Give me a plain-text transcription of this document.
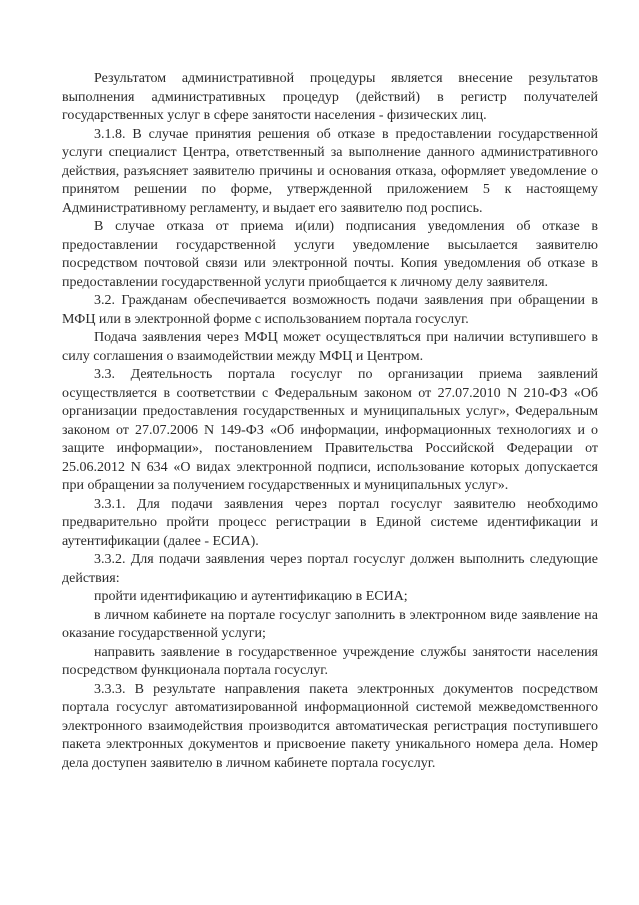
Результатом административной процедуры является внесение результатов выполнения административных процедур (действий) в регистр получателей государственных услуг в сфере занятости населения - физических лиц.

3.1.8. В случае принятия решения об отказе в предоставлении государственной услуги специалист Центра, ответственный за выполнение данного административного действия, разъясняет заявителю причины и основания отказа, оформляет уведомление о принятом решении по форме, утвержденной приложением 5 к настоящему Административному регламенту, и выдает его заявителю под роспись.

В случае отказа от приема и(или) подписания уведомления об отказе в предоставлении государственной услуги уведомление высылается заявителю посредством почтовой связи или электронной почты. Копия уведомления об отказе в предоставлении государственной услуги приобщается к личному делу заявителя.

3.2. Гражданам обеспечивается возможность подачи заявления при обращении в МФЦ или в электронной форме с использованием портала госуслуг.

Подача заявления через МФЦ может осуществляться при наличии вступившего в силу соглашения о взаимодействии между МФЦ и Центром.

3.3. Деятельность портала госуслуг по организации приема заявлений осуществляется в соответствии с Федеральным законом от 27.07.2010 N 210-ФЗ «Об организации предоставления государственных и муниципальных услуг», Федеральным законом от 27.07.2006 N 149-ФЗ «Об информации, информационных технологиях и о защите информации», постановлением Правительства Российской Федерации от 25.06.2012 N 634 «О видах электронной подписи, использование которых допускается при обращении за получением государственных и муниципальных услуг».

3.3.1. Для подачи заявления через портал госуслуг заявителю необходимо предварительно пройти процесс регистрации в Единой системе идентификации и аутентификации (далее - ЕСИА).

3.3.2. Для подачи заявления через портал госуслуг должен выполнить следующие действия:

пройти идентификацию и аутентификацию в ЕСИА;

в личном кабинете на портале госуслуг заполнить в электронном виде заявление на оказание государственной услуги;

направить заявление в государственное учреждение службы занятости населения посредством функционала портала госуслуг.

3.3.3. В результате направления пакета электронных документов посредством портала госуслуг автоматизированной информационной системой межведомственного электронного взаимодействия производится автоматическая регистрация поступившего пакета электронных документов и присвоение пакету уникального номера дела. Номер дела доступен заявителю в личном кабинете портала госуслуг.
